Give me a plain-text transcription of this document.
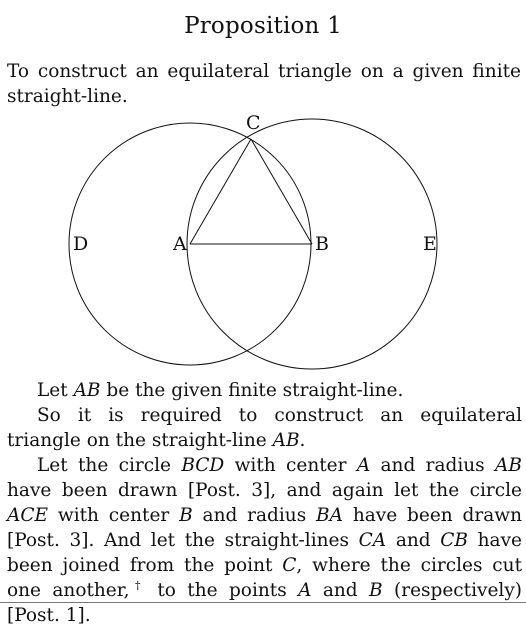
Proposition 1
To construct an equilateral triangle on a given finite
straight-line.
C
D	A	B	E

Let AB be the given finite straight-line.

So it is required to construct an equilateral triangle on the straight-line AB.

Let the circle BCD with center A and radius AB have been drawn [Post. 3], and again let the circle ACE with center B and radius BA have been drawn [Post. 3]. And let the straight-lines CA and CB have been joined from the point C, where the circles cut one another,† to the points A and B (respectively) [Post. 1].
